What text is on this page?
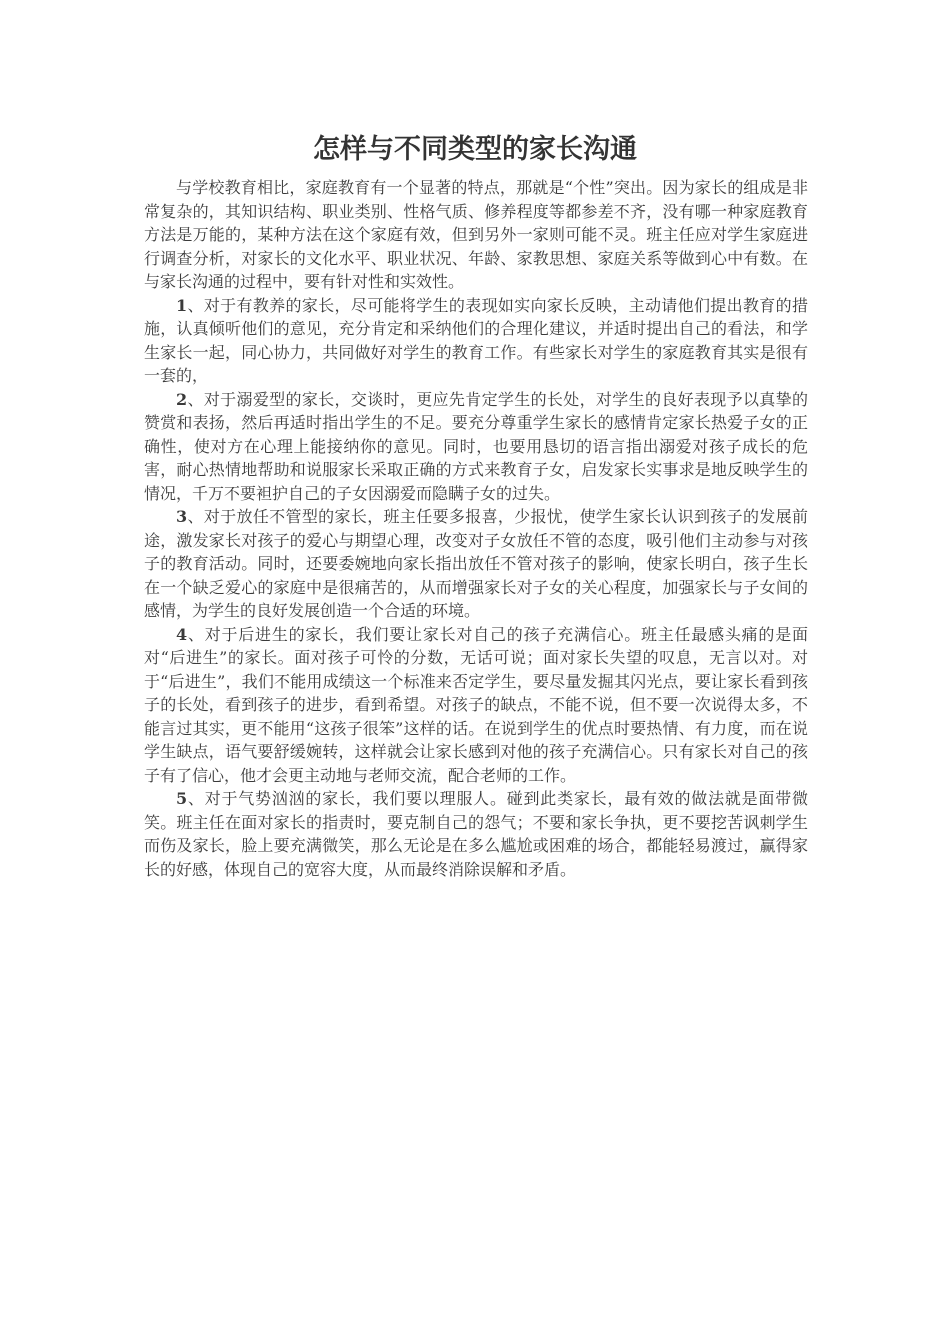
怎样与不同类型的家长沟通

与学校教育相比，家庭教育有一个显著的特点，那就是“个性”突出。因为家长的组成是非常复杂的，其知识结构、职业类别、性格气质、修养程度等都参差不齐，没有哪一种家庭教育方法是万能的，某种方法在这个家庭有效，但到另外一家则可能不灵。班主任应对学生家庭进行调查分析，对家长的文化水平、职业状况、年龄、家教思想、家庭关系等做到心中有数。在与家长沟通的过程中，要有针对性和实效性。

1、对于有教养的家长，尽可能将学生的表现如实向家长反映，主动请他们提出教育的措施，认真倾听他们的意见，充分肯定和采纳他们的合理化建议，并适时提出自己的看法，和学生家长一起，同心协力，共同做好对学生的教育工作。有些家长对学生的家庭教育其实是很有一套的，

2、对于溺爱型的家长，交谈时，更应先肯定学生的长处，对学生的良好表现予以真挚的赞赏和表扬，然后再适时指出学生的不足。要充分尊重学生家长的感情肯定家长热爱子女的正确性，使对方在心理上能接纳你的意见。同时，也要用恳切的语言指出溺爱对孩子成长的危害，耐心热情地帮助和说服家长采取正确的方式来教育子女，启发家长实事求是地反映学生的情况，千万不要袒护自己的子女因溺爱而隐瞒子女的过失。

3、对于放任不管型的家长，班主任要多报喜，少报忧，使学生家长认识到孩子的发展前途，激发家长对孩子的爱心与期望心理，改变对子女放任不管的态度，吸引他们主动参与对孩子的教育活动。同时，还要委婉地向家长指出放任不管对孩子的影响，使家长明白，孩子生长在一个缺乏爱心的家庭中是很痛苦的，从而增强家长对子女的关心程度，加强家长与子女间的感情，为学生的良好发展创造一个合适的环境。

4、对于后进生的家长，我们要让家长对自己的孩子充满信心。班主任最感头痛的是面对“后进生”的家长。面对孩子可怜的分数，无话可说；面对家长失望的叹息，无言以对。对于“后进生”，我们不能用成绩这一个标准来否定学生，要尽量发掘其闪光点，要让家长看到孩子的长处，看到孩子的进步，看到希望。对孩子的缺点，不能不说，但不要一次说得太多，不能言过其实，更不能用“这孩子很笨”这样的话。在说到学生的优点时要热情、有力度，而在说学生缺点，语气要舒缓婉转，这样就会让家长感到对他的孩子充满信心。只有家长对自己的孩子有了信心，他才会更主动地与老师交流，配合老师的工作。

5、对于气势汹汹的家长，我们要以理服人。碰到此类家长，最有效的做法就是面带微笑。班主任在面对家长的指责时，要克制自己的怨气；不要和家长争执，更不要挖苦讽刺学生而伤及家长，脸上要充满微笑，那么无论是在多么尴尬或困难的场合，都能轻易渡过，赢得家长的好感，体现自己的宽容大度，从而最终消除误解和矛盾。
